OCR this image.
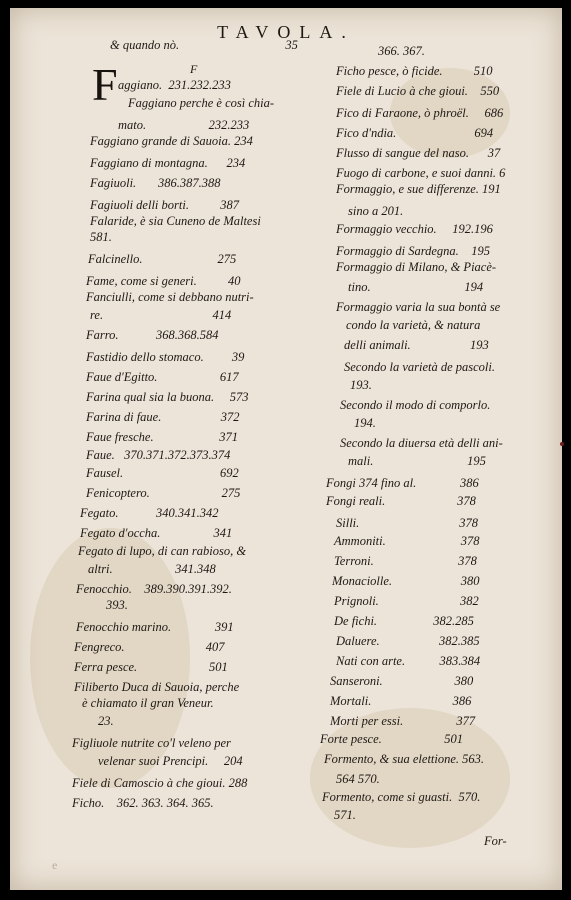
TAVOLA.
F	F
& quando nò.                                  35
aggiano.  231.232.233
Faggiano perche è così chia-
mato.                    232.233
Faggiano grande di Sauoia. 234
Faggiano di montagna.      234
Fagiuoli.       386.387.388
Fagiuoli delli borti.          387
Falaride, è sia Cuneno de Maltesi
581.
Falcinello.                        275
Fame, come si generi.          40
Fanciulli, come si debbano nutri-
re.                                   414
Farro.            368.368.584
Fastidio dello stomaco.         39
Faue d'Egitto.                    617
Farina qual sia la buona.     573
Farina di faue.                   372
Faue fresche.                     371
Faue.   370.371.372.373.374
Fausel.                               692
Fenicoptero.                       275
Fegato.            340.341.342
Fegato d'occha.                 341
Fegato di lupo, di can rabioso, &
altri.                    341.348
Fenocchio.    389.390.391.392.
393.
Fenocchio marino.              391
Fengreco.                          407
Ferra pesce.                       501
Filiberto Duca di Sauoia, perche
è chiamato il gran Veneur.
23.
Figliuole nutrite co'l veleno per
velenar suoi Prencipi.     204
Fiele di Camoscio à che gioui. 288
Ficho.    362. 363. 364. 365.
366. 367.
Ficho pesce, ò ficide.          510
Fiele di Lucio à che gioui.    550
Fico di Faraone, ò phroël.     686
Fico d'ndia.                         694
Flusso di sangue del naso.      37
Fuogo di carbone, e suoi danni. 6
Formaggio, e sue differenze. 191
sino a 201.
Formaggio vecchio.     192.196
Formaggio di Sardegna.    195
Formaggio di Milano, & Piacè-
tino.                              194
Formaggio varia la sua bontà se
condo la varietà, & natura
delli animali.                   193
Secondo la varietà de pascoli.
193.
Secondo il modo di comporlo.
194.
Secondo la diuersa età delli ani-
mali.                              195
Fongi 374 fino al.              386
Fongi reali.                       378
Silli.                                378
Ammoniti.                        378
Terroni.                           378
Monaciolle.                      380
Prignoli.                          382
De fichi.                  382.285
Daluere.                   382.385
Nati con arte.           383.384
Sanseroni.                       380
Mortali.                          386
Morti per essi.                 377
Forte pesce.                    501
Formento, & sua elettione. 563.
564 570.
Formento, come si guasti.  570.
571.
For-
e
